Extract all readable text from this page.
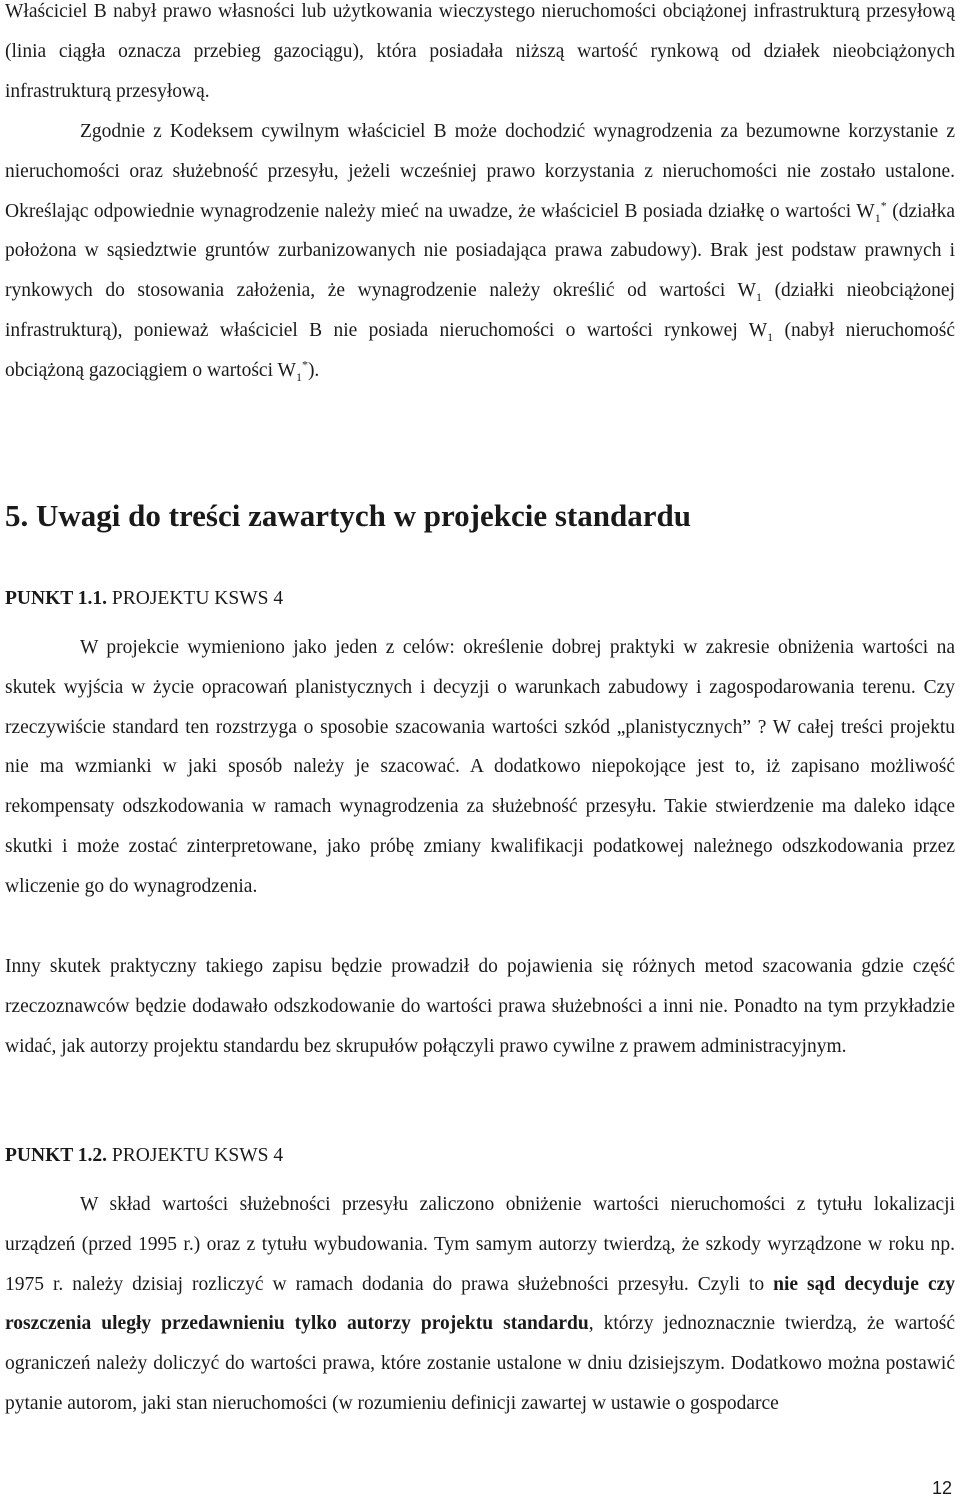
Właściciel B nabył prawo własności lub użytkowania wieczystego nieruchomości obciążonej infrastrukturą przesyłową (linia ciągła oznacza przebieg gazociągu), która posiadała niższą wartość rynkową od działek nieobciążonych infrastrukturą przesyłową.

Zgodnie z Kodeksem cywilnym właściciel B może dochodzić wynagrodzenia za bezumowne korzystanie z nieruchomości oraz służebność przesyłu, jeżeli wcześniej prawo korzystania z nieruchomości nie zostało ustalone. Określając odpowiednie wynagrodzenie należy mieć na uwadze, że właściciel B posiada działkę o wartości $W_1^*$ (działka położona w sąsiedztwie gruntów zurbanizowanych nie posiadająca prawa zabudowy). Brak jest podstaw prawnych i rynkowych do stosowania założenia, że wynagrodzenie należy określić od wartości $W_1$ (działki nieobciążonej infrastrukturą), ponieważ właściciel B nie posiada nieruchomości o wartości rynkowej $W_1$ (nabył nieruchomość obciążoną gazociągiem o wartości $W_1^*$).

5. Uwagi do treści zawartych w projekcie standardu

PUNKT 1.1. PROJEKTU KSWS 4

W projekcie wymieniono jako jeden z celów: określenie dobrej praktyki w zakresie obniżenia wartości na skutek wyjścia w życie opracowań planistycznych i decyzji o warunkach zabudowy i zagospodarowania terenu. Czy rzeczywiście standard ten rozstrzyga o sposobie szacowania wartości szkód „planistycznych” ? W całej treści projektu nie ma wzmianki w jaki sposób należy je szacować. A dodatkowo niepokojące jest to, iż zapisano możliwość rekompensaty odszkodowania w ramach wynagrodzenia za służebność przesyłu. Takie stwierdzenie ma daleko idące skutki i może zostać zinterpretowane, jako próbę zmiany kwalifikacji podatkowej należnego odszkodowania przez wliczenie go do wynagrodzenia.

Inny skutek praktyczny takiego zapisu będzie prowadził do pojawienia się różnych metod szacowania gdzie część rzeczoznawców będzie dodawało odszkodowanie do wartości prawa służebności a inni nie. Ponadto na tym przykładzie widać, jak autorzy projektu standardu bez skrupułów połączyli prawo cywilne z prawem administracyjnym.

PUNKT 1.2. PROJEKTU KSWS 4

W skład wartości służebności przesyłu zaliczono obniżenie wartości nieruchomości z tytułu lokalizacji urządzeń (przed 1995 r.) oraz z tytułu wybudowania. Tym samym autorzy twierdzą, że szkody wyrządzone w roku np. 1975 r. należy dzisiaj rozliczyć w ramach dodania do prawa służebności przesyłu. Czyli to nie sąd decyduje czy roszczenia uległy przedawnieniu tylko autorzy projektu standardu, którzy jednoznacznie twierdzą, że wartość ograniczeń należy doliczyć do wartości prawa, które zostanie ustalone w dniu dzisiejszym. Dodatkowo można postawić pytanie autorom, jaki stan nieruchomości (w rozumieniu definicji zawartej w ustawie o gospodarce

12
